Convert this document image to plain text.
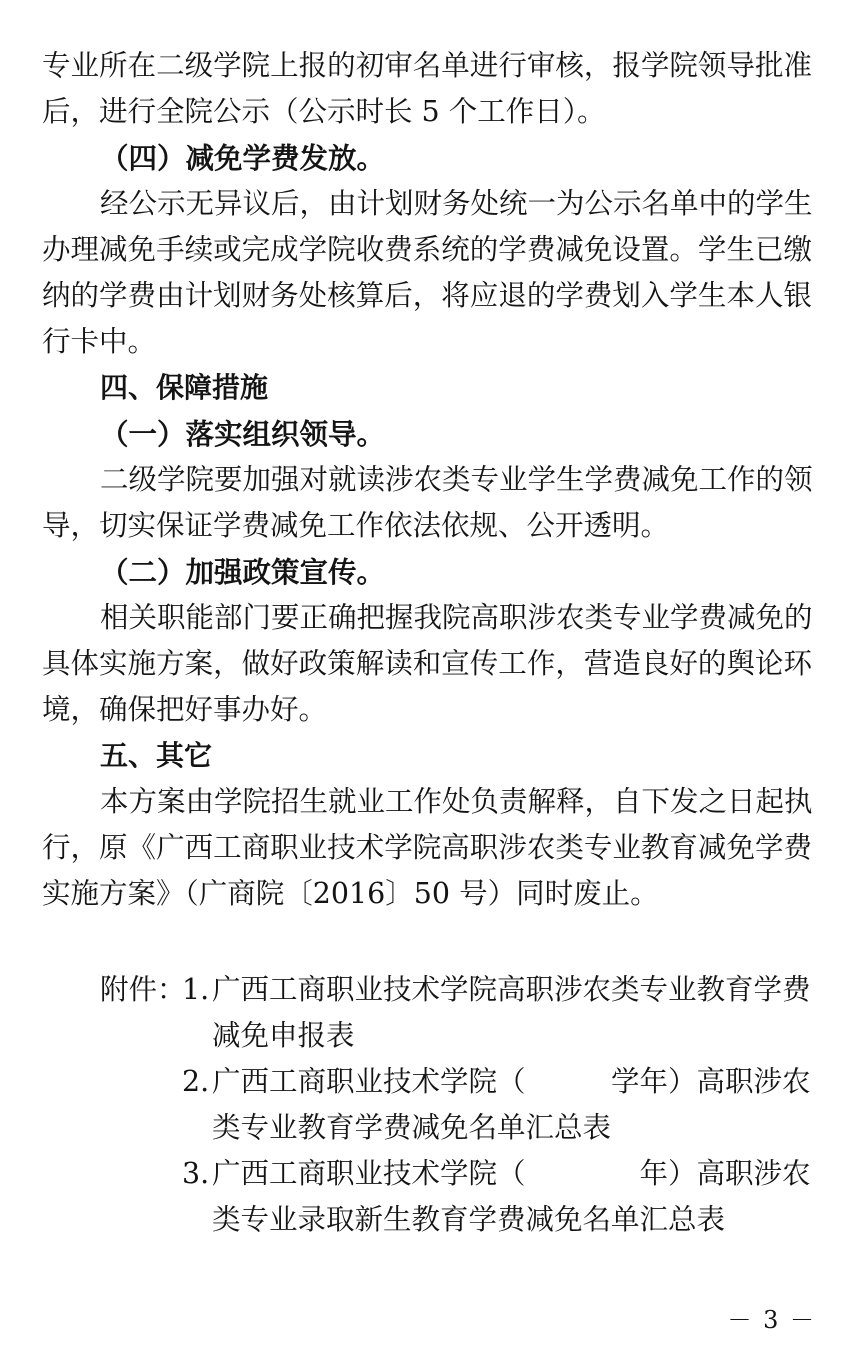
专业所在二级学院上报的初审名单进行审核，报学院领导批准
后，进行全院公示（公示时长 5 个工作日）。
（四）减免学费发放。
经公示无异议后，由计划财务处统一为公示名单中的学生
办理减免手续或完成学院收费系统的学费减免设置。学生已缴
纳的学费由计划财务处核算后，将应退的学费划入学生本人银
行卡中。
四、保障措施
（一）落实组织领导。
二级学院要加强对就读涉农类专业学生学费减免工作的领
导，切实保证学费减免工作依法依规、公开透明。
（二）加强政策宣传。
相关职能部门要正确把握我院高职涉农类专业学费减免的
具体实施方案，做好政策解读和宣传工作，营造良好的舆论环
境，确保把好事办好。
五、其它
本方案由学院招生就业工作处负责解释，自下发之日起执
行，原《广西工商职业技术学院高职涉农类专业教育减免学费
实施方案》（广商院〔2016〕50 号）同时废止。
附件：
1. 广西工商职业技术学院高职涉农类专业教育学费
减免申报表
2. 广西工商职业技术学院（　　　学年）高职涉农
类专业教育学费减免名单汇总表
3. 广西工商职业技术学院（　　　　年）高职涉农
类专业录取新生教育学费减免名单汇总表
－ 3 －
